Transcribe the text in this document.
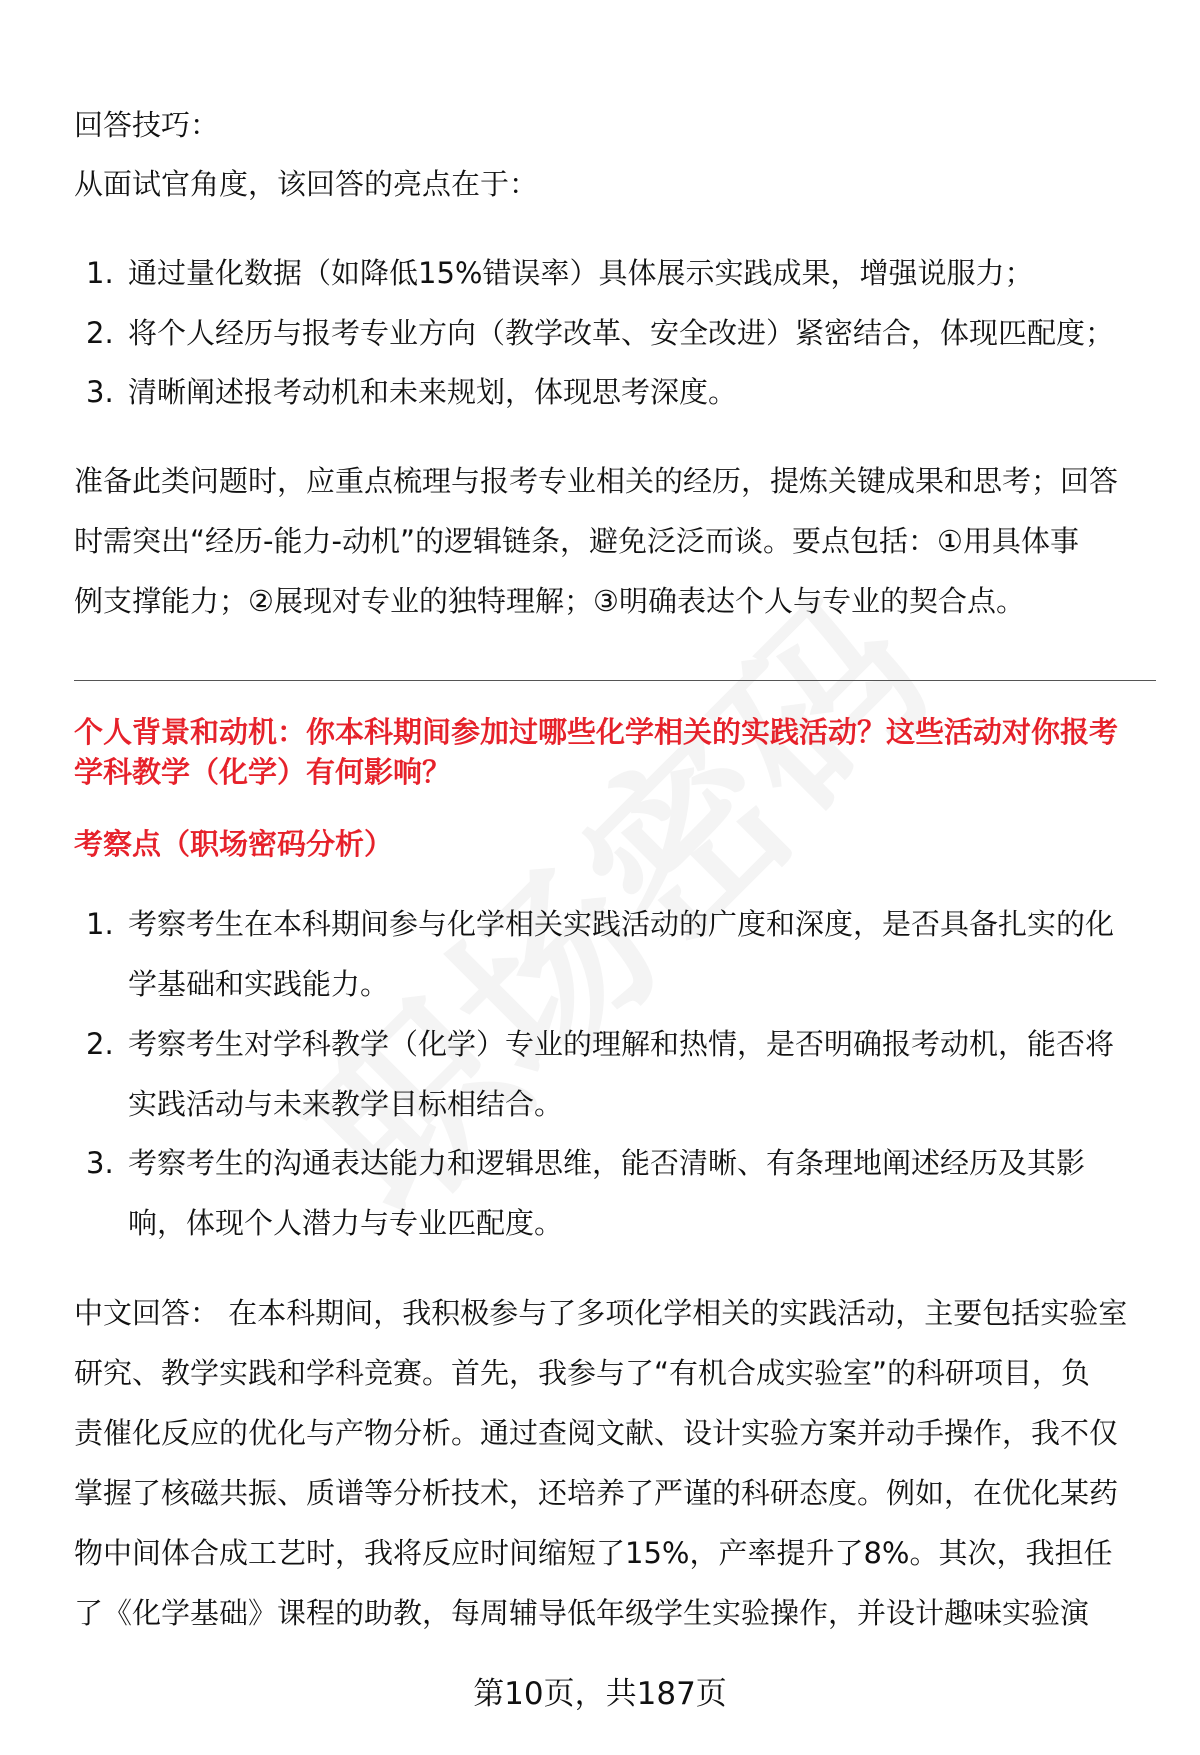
回答技巧：
从面试官角度，该回答的亮点在于：
1. 通过量化数据（如降低15%错误率）具体展示实践成果，增强说服力；
2. 将个人经历与报考专业方向（教学改革、安全改进）紧密结合，体现匹配度；
3. 清晰阐述报考动机和未来规划，体现思考深度。
准备此类问题时，应重点梳理与报考专业相关的经历，提炼关键成果和思考；回答
时需突出“经历-能力-动机”的逻辑链条，避免泛泛而谈。要点包括：①用具体事
例支撑能力；②展现对专业的独特理解；③明确表达个人与专业的契合点。
个人背景和动机：你本科期间参加过哪些化学相关的实践活动？这些活动对你报考
学科教学（化学）有何影响？
考察点（职场密码分析）
1. 考察考生在本科期间参与化学相关实践活动的广度和深度，是否具备扎实的化
学基础和实践能力。
2. 考察考生对学科教学（化学）专业的理解和热情，是否明确报考动机，能否将
实践活动与未来教学目标相结合。
3. 考察考生的沟通表达能力和逻辑思维，能否清晰、有条理地阐述经历及其影
响，体现个人潜力与专业匹配度。
中文回答： 在本科期间，我积极参与了多项化学相关的实践活动，主要包括实验室
研究、教学实践和学科竞赛。首先，我参与了“有机合成实验室”的科研项目，负
责催化反应的优化与产物分析。通过查阅文献、设计实验方案并动手操作，我不仅
掌握了核磁共振、质谱等分析技术，还培养了严谨的科研态度。例如，在优化某药
物中间体合成工艺时，我将反应时间缩短了15%，产率提升了8%。其次，我担任
了《化学基础》课程的助教，每周辅导低年级学生实验操作，并设计趣味实验演
第10页，共187页
